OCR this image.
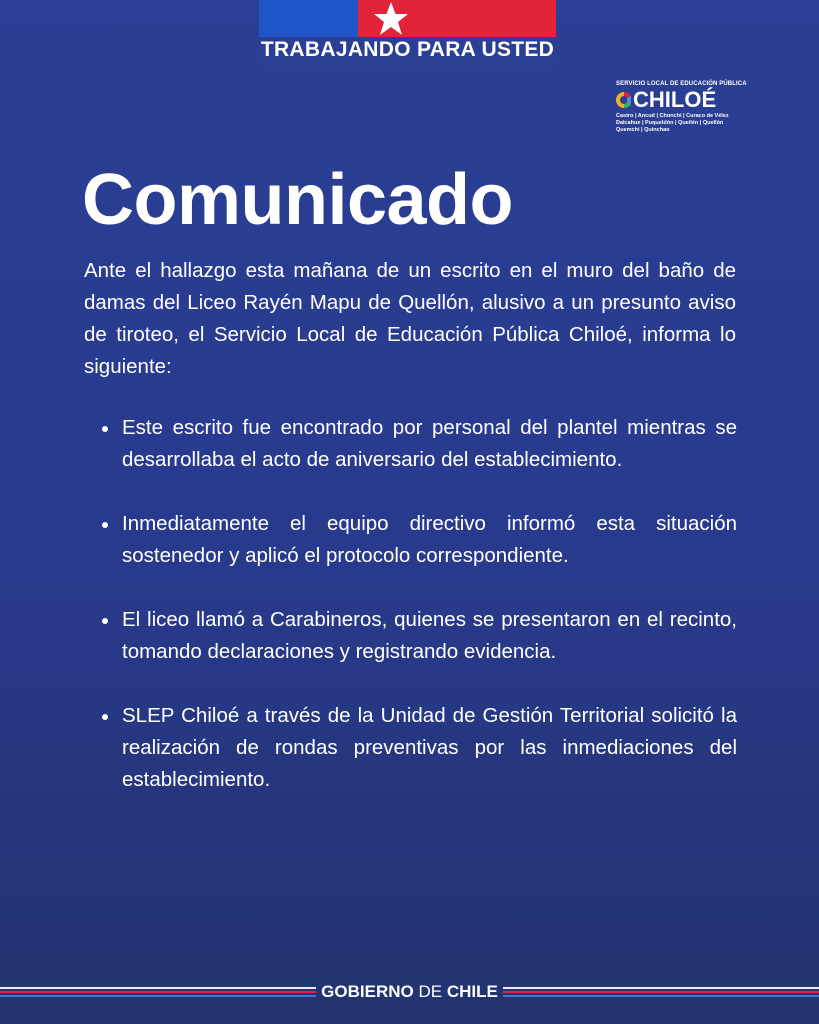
TRABAJANDO PARA USTED
SERVICIO LOCAL DE EDUCACIÓN PÚBLICA
CHILOÉ
Castro | Ancud | Chonchi | Curaco de Vélez Dalcahue | Puqueldón | Queilén | Quellón Quemchi | Quinchao
Comunicado
Ante el hallazgo esta mañana de un escrito en el muro del baño de damas del Liceo Rayén Mapu de Quellón, alusivo a un presunto aviso de tiroteo, el Servicio Local de Educación Pública Chiloé, informa lo siguiente:
Este escrito fue encontrado por personal del plantel mientras se desarrollaba el acto de aniversario del establecimiento.
Inmediatamente el equipo directivo informó esta situación sostenedor y aplicó el protocolo correspondiente.
El liceo llamó a Carabineros, quienes se presentaron en el recinto, tomando declaraciones y registrando evidencia.
SLEP Chiloé a través de la Unidad de Gestión Territorial solicitó la realización de rondas preventivas por las inmediaciones del establecimiento.
GOBIERNO DE CHILE
